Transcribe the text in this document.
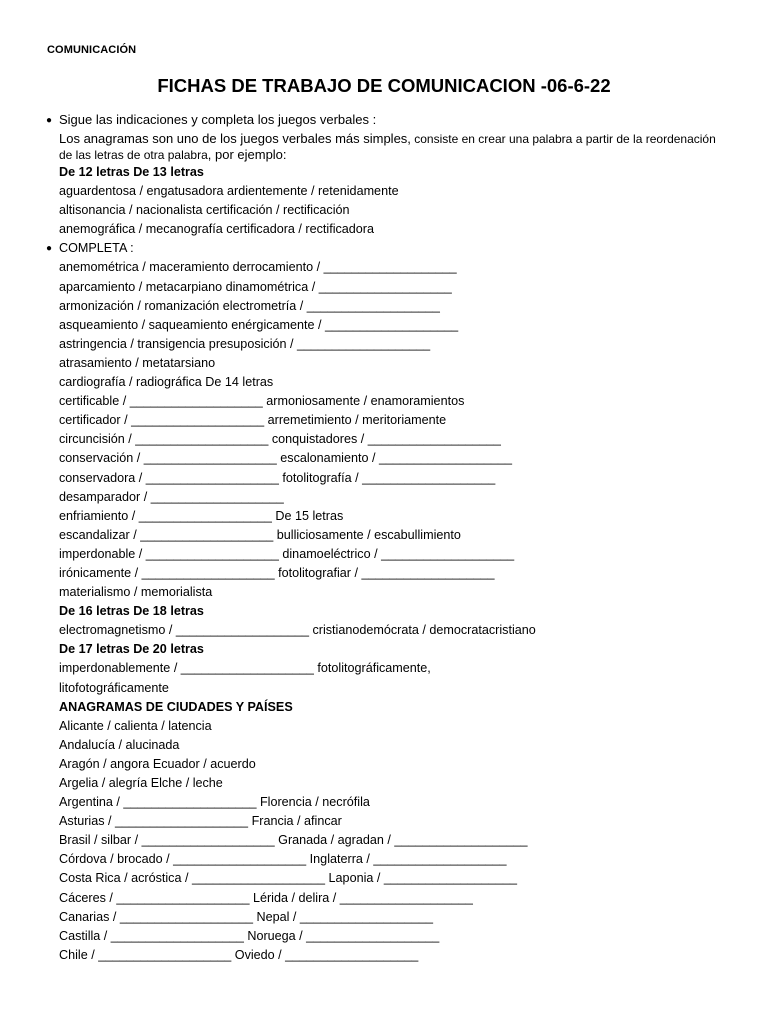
COMUNICACIÓN
FICHAS DE TRABAJO DE COMUNICACION -06-6-22
● Sigue las indicaciones y completa los juegos verbales :
Los anagramas son uno de los juegos verbales más simples, consiste en crear una palabra a partir de la reordenación de las letras de otra palabra, por ejemplo:
De 12 letras De 13 letras
aguardentosa / engatusadora ardientemente / retenidamente
altisonancia / nacionalista certificación / rectificación
anemográfica / mecanografía certificadora / rectificadora
● COMPLETA :
anemométrica / maceramiento derrocamiento / ___________________
aparcamiento / metacarpiano dinamométrica / ___________________
armonización / romanización electrometría / ___________________
asqueamiento / saqueamiento enérgicamente / ___________________
astringencia / transigencia presuposición / ___________________
atrasamiento / metatarsiano
cardiografía / radiográfica De 14 letras
certificable / ___________________ armoniosamente / enamoramientos
certificador / ___________________ arremetimiento / meritoriamente
circuncisión / ___________________ conquistadores / ___________________
conservación / ___________________ escalonamiento / ___________________
conservadora / ___________________ fotolitografía / ___________________
desamparador / ___________________
enfriamiento / ___________________ De 15 letras
escandalizar / ___________________ bulliciosamente / escabullimiento
imperdonable / ___________________ dinamoeléctrico / ___________________
irónicamente / ___________________ fotolitografiar / ___________________
materialismo / memorialista
De 16 letras De 18 letras
electromagnetismo / ___________________ cristianodemócrata / democratacristiano
De 17 letras De 20 letras
imperdonablemente / ___________________ fotolitográficamente,
litofotográficamente
ANAGRAMAS DE CIUDADES Y PAÍSES
Alicante / calienta / latencia
Andalucía / alucinada
Aragón / angora Ecuador / acuerdo
Argelia / alegría Elche / leche
Argentina / ___________________ Florencia / necrófila
Asturias / ___________________ Francia / afincar
Brasil / silbar / ___________________ Granada / agradan / ___________________
Córdova / brocado / ___________________ Inglaterra / ___________________
Costa Rica / acróstica / ___________________ Laponia / ___________________
Cáceres / ___________________ Lérida / delira / ___________________
Canarias / ___________________ Nepal / ___________________
Castilla / ___________________ Noruega / ___________________
Chile / ___________________ Oviedo / ___________________
